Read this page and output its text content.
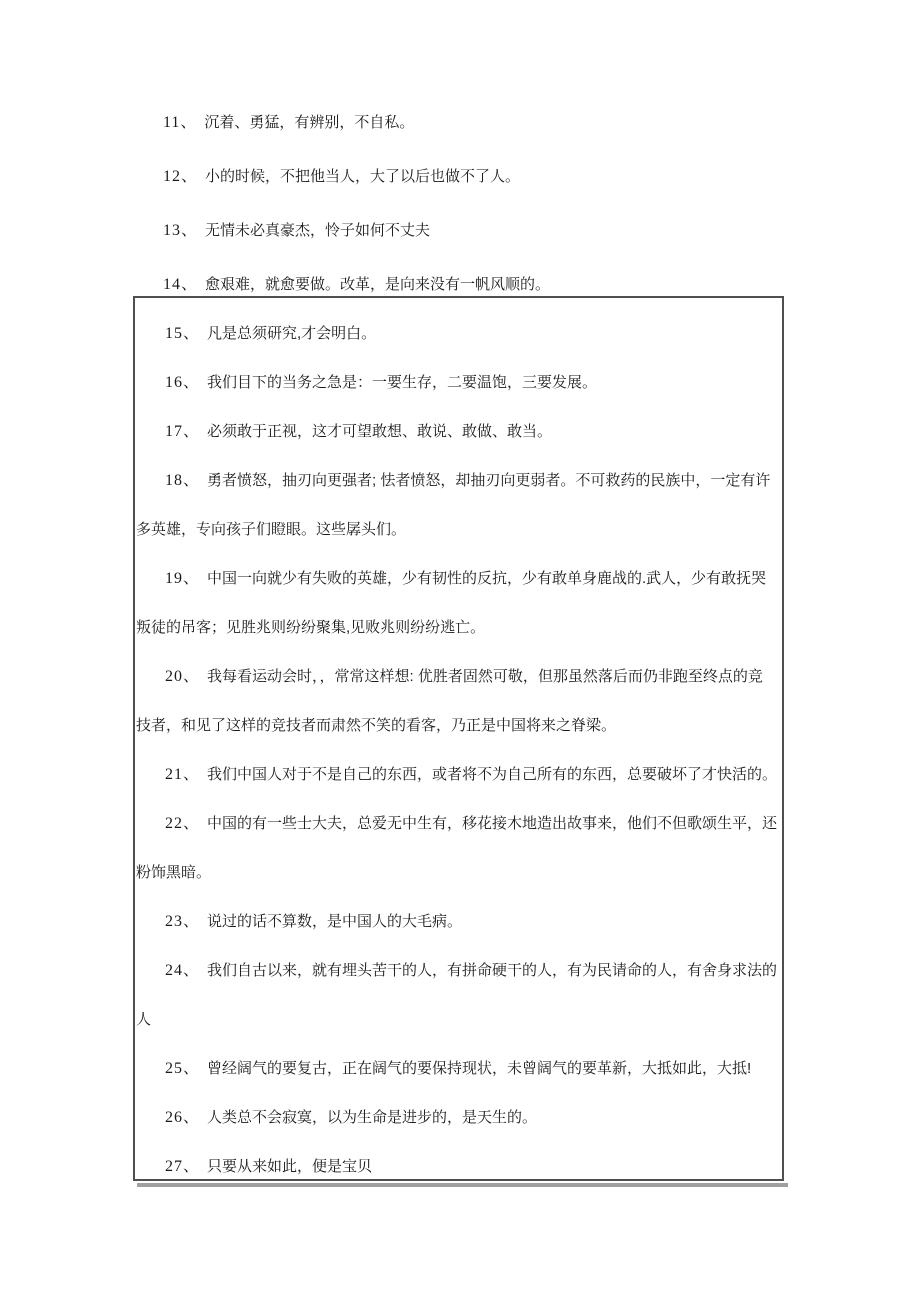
11、 沉着、勇猛，有辨别，不自私。
12、 小的时候，不把他当人，大了以后也做不了人。
13、 无情未必真豪杰，怜子如何不丈夫
14、 愈艰难，就愈要做。改革，是向来没有一帆风顺的。
15、 凡是总须研究,才会明白。
16、 我们目下的当务之急是：一要生存，二要温饱，三要发展。
17、 必须敢于正视，这才可望敢想、敢说、敢做、敢当。
18、 勇者愤怒，抽刃向更强者; 怯者愤怒，却抽刃向更弱者。不可救药的民族中，一定有许
多英雄，专向孩子们瞪眼。这些孱头们。
19、 中国一向就少有失败的英雄，少有韧性的反抗，少有敢单身鹿战的.武人，少有敢抚哭
叛徒的吊客；见胜兆则纷纷聚集,见败兆则纷纷逃亡。
20、 我每看运动会时，，常常这样想: 优胜者固然可敬，但那虽然落后而仍非跑至终点的竞
技者，和见了这样的竞技者而肃然不笑的看客，乃正是中国将来之脊梁。
21、 我们中国人对于不是自己的东西，或者将不为自己所有的东西，总要破坏了才快活的。
22、 中国的有一些士大夫，总爱无中生有，移花接木地造出故事来，他们不但歌颂生平，还
粉饰黑暗。
23、 说过的话不算数，是中国人的大毛病。
24、 我们自古以来，就有埋头苦干的人，有拼命硬干的人，有为民请命的人，有舍身求法的
人
25、 曾经阔气的要复古，正在阔气的要保持现状，未曾阔气的要革新，大抵如此，大抵!
26、 人类总不会寂寞，以为生命是进步的，是天生的。
27、 只要从来如此，便是宝贝
